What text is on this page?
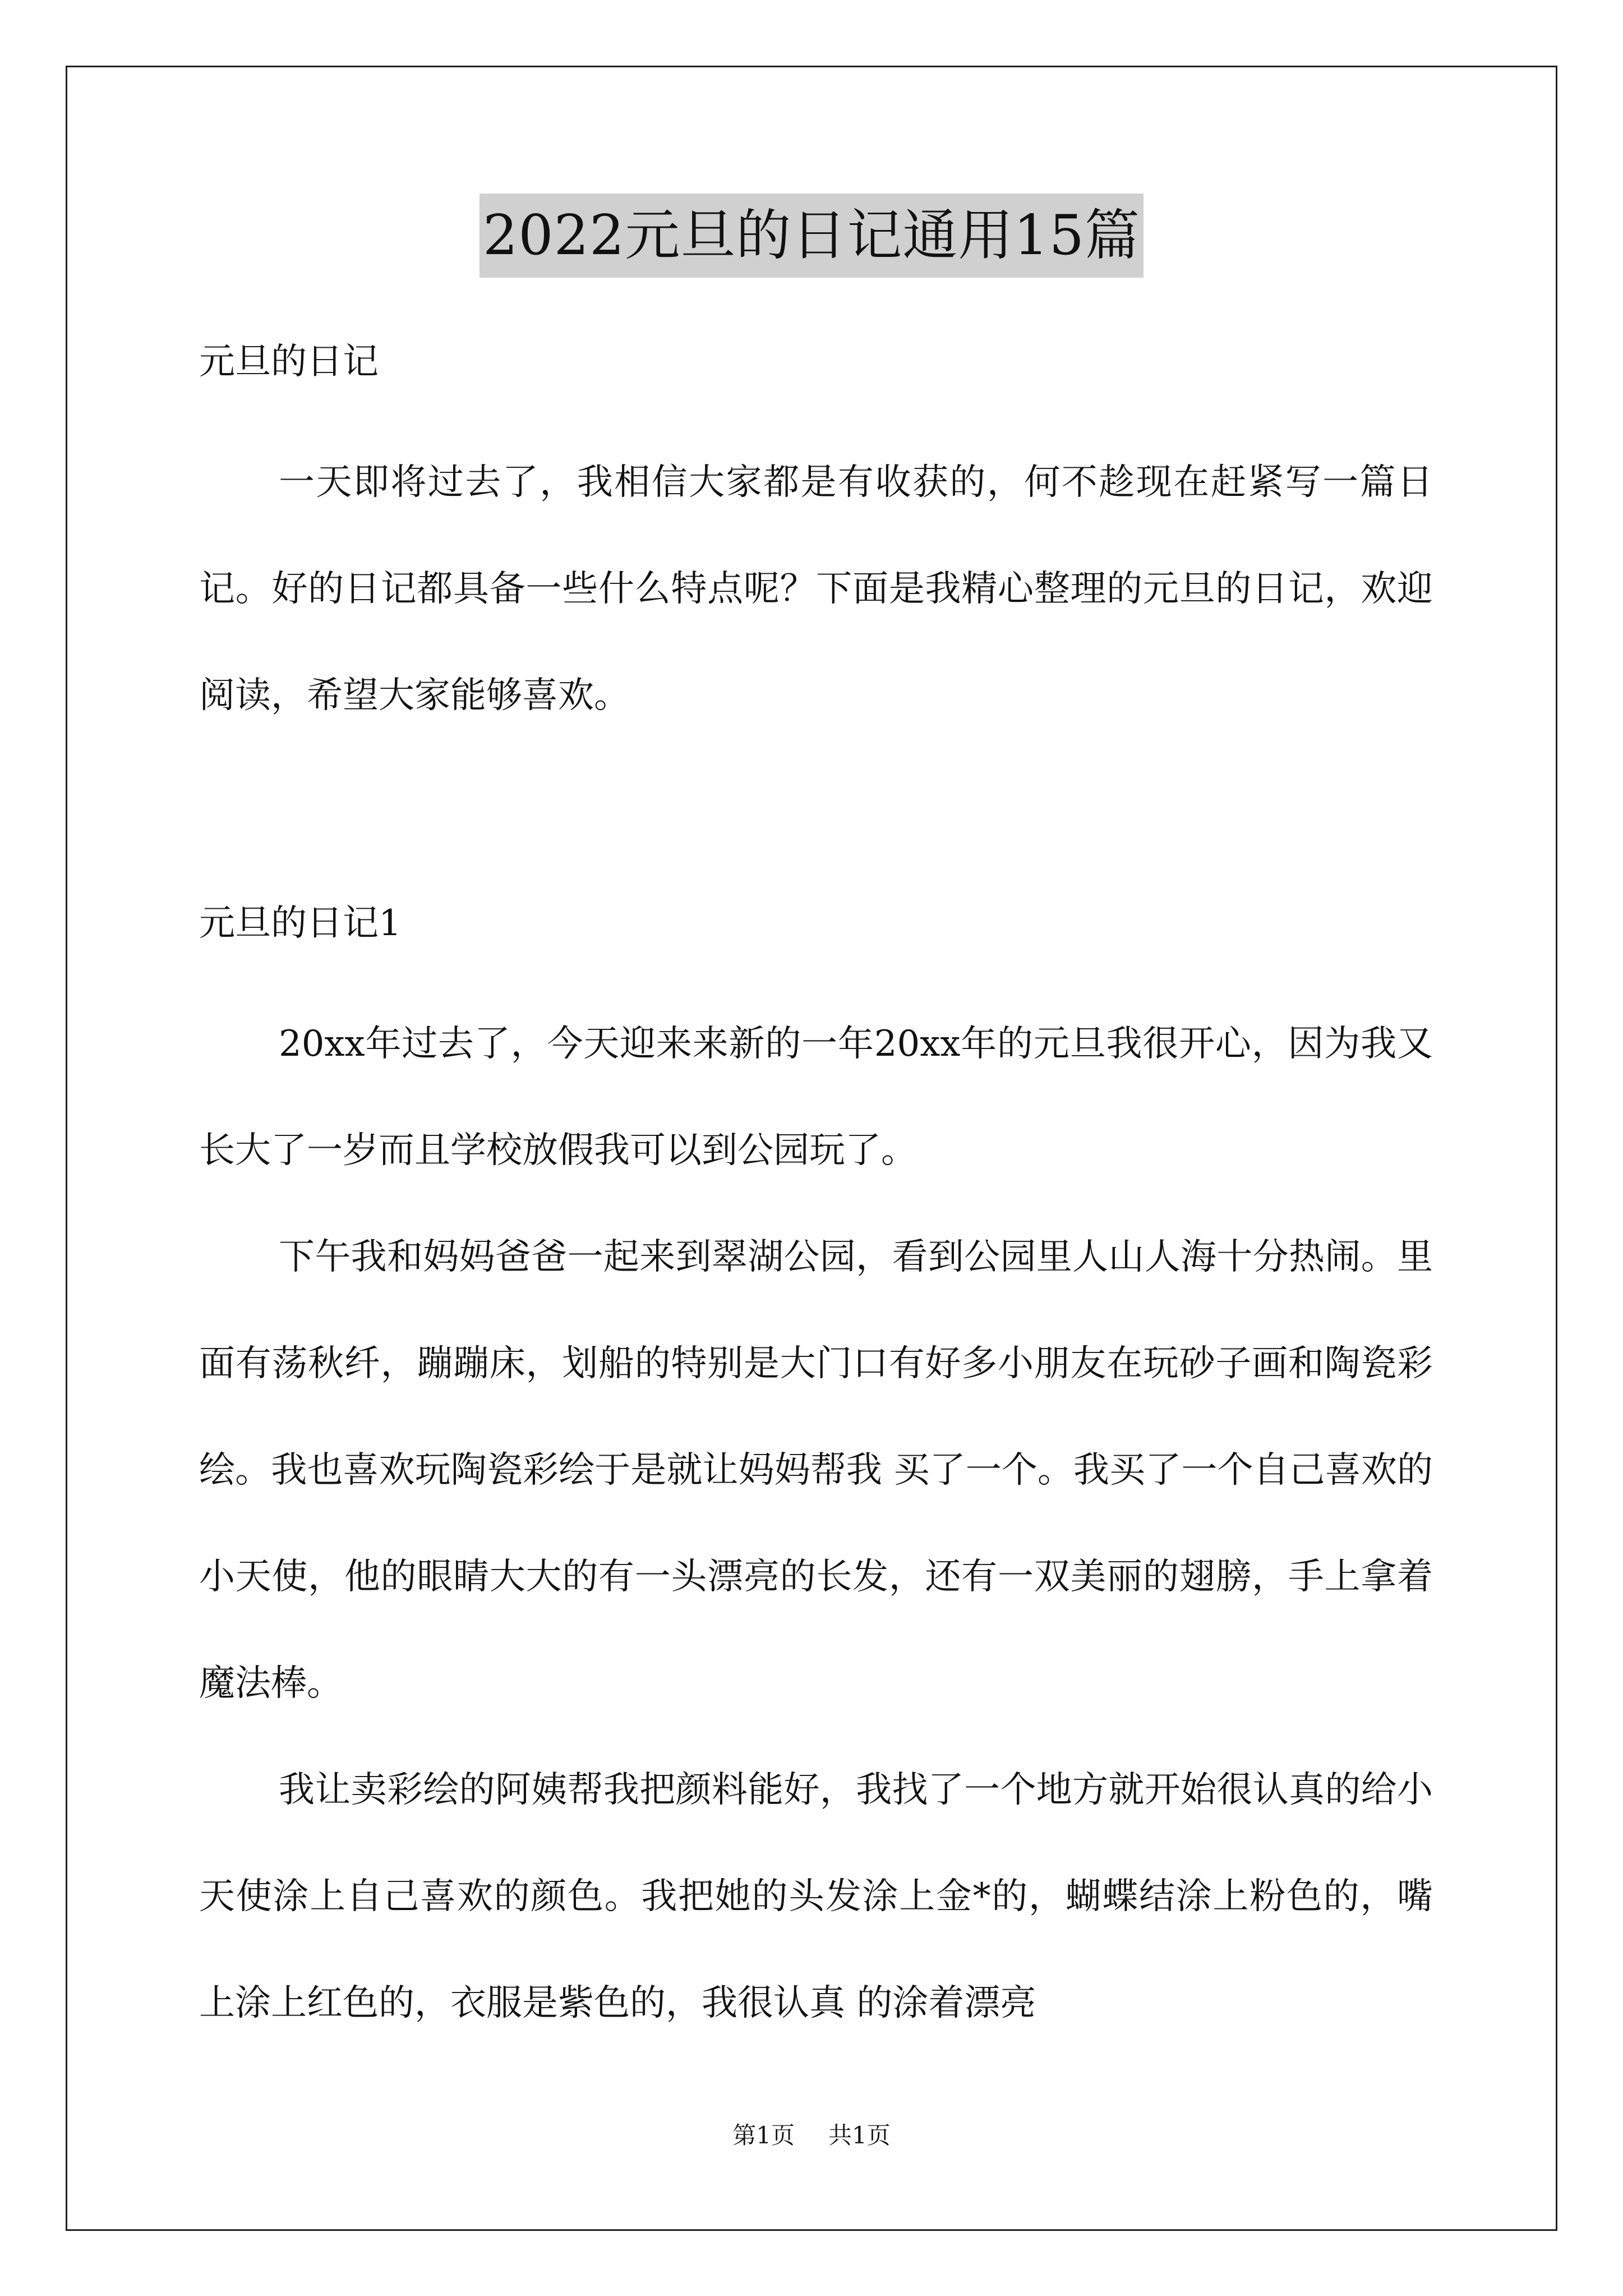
2022元旦的日记通用15篇

元旦的日记

一天即将过去了，我相信大家都是有收获的，何不趁现在赶紧写一篇日记。好的日记都具备一些什么特点呢？下面是我精心整理的元旦的日记，欢迎阅读，希望大家能够喜欢。

元旦的日记1

20xx年过去了，今天迎来来新的一年20xx年的元旦我很开心，因为我又长大了一岁而且学校放假我可以到公园玩了。

下午我和妈妈爸爸一起来到翠湖公园，看到公园里人山人海十分热闹。里面有荡秋纤，蹦蹦床，划船的特别是大门口有好多小朋友在玩砂子画和陶瓷彩绘。我也喜欢玩陶瓷彩绘于是就让妈妈帮我 买了一个。我买了一个自己喜欢的小天使，他的眼睛大大的有一头漂亮的长发，还有一双美丽的翅膀，手上拿着魔法棒。

我让卖彩绘的阿姨帮我把颜料能好，我找了一个地方就开始很认真的给小天使涂上自己喜欢的颜色。我把她的头发涂上金*的，蝴蝶结涂上粉色的，嘴上涂上红色的，衣服是紫色的，我很认真 的涂着漂亮

第1页 共1页
